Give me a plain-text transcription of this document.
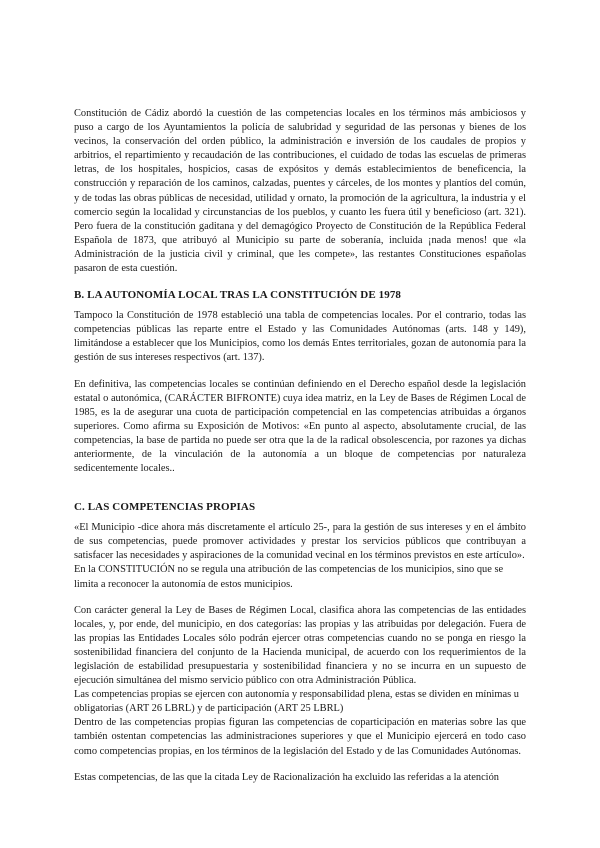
Constitución de Cádiz abordó la cuestión de las competencias locales en los términos más ambiciosos y puso a cargo de los Ayuntamientos la policía de salubridad y seguridad de las personas y bienes de los vecinos, la conservación del orden público, la administración e inversión de los caudales de propios y arbitrios, el repartimiento y recaudación de las contribuciones, el cuidado de todas las escuelas de primeras letras, de los hospitales, hospicios, casas de expósitos y demás establecimientos de beneficencia, la construcción y reparación de los caminos, calzadas, puentes y cárceles, de los montes y plantíos del común, y de todas las obras públicas de necesidad, utilidad y ornato, la promoción de la agricultura, la industria y el comercio según la localidad y circunstancias de los pueblos, y cuanto les fuera útil y beneficioso (art. 321). Pero fuera de la constitución gaditana y del demagógico Proyecto de Constitución de la República Federal Española de 1873, que atribuyó al Municipio su parte de soberanía, incluida ¡nada menos! que «la Administración de la justicia civil y criminal, que les compete», las restantes Constituciones españolas pasaron de esta cuestión.

B. LA AUTONOMÍA LOCAL TRAS LA CONSTITUCIÓN DE 1978

Tampoco la Constitución de 1978 estableció una tabla de competencias locales. Por el contrario, todas las competencias públicas las reparte entre el Estado y las Comunidades Autónomas (arts. 148 y 149), limitándose a establecer que los Municipios, como los demás Entes territoriales, gozan de autonomía para la gestión de sus intereses respectivos (art. 137).

En definitiva, las competencias locales se continúan definiendo en el Derecho español desde la legislación estatal o autonómica, (CARÁCTER BIFRONTE) cuya idea matriz, en la Ley de Bases de Régimen Local de 1985, es la de asegurar una cuota de participación competencial en las competencias atribuidas a órganos superiores. Como afirma su Exposición de Motivos: «En punto al aspecto, absolutamente crucial, de las competencias, la base de partida no puede ser otra que la de la radical obsolescencia, por razones ya dichas anteriormente, de la vinculación de la autonomía a un bloque de competencias por naturaleza sedicentemente locales..

C. LAS COMPETENCIAS PROPIAS

«El Municipio -dice ahora más discretamente el artículo 25-, para la gestión de sus intereses y en el ámbito de sus competencias, puede promover actividades y prestar los servicios públicos que contribuyan a satisfacer las necesidades y aspiraciones de la comunidad vecinal en los términos previstos en este artículo».

En la CONSTITUCIÓN no se regula una atribución de las competencias de los municipios, sino que se limita a reconocer la autonomía de estos municipios.

Con carácter general la Ley de Bases de Régimen Local, clasifica ahora las competencias de las entidades locales, y, por ende, del municipio, en dos categorías: las propias y las atribuidas por delegación. Fuera de las propias las Entidades Locales sólo podrán ejercer otras competencias cuando no se ponga en riesgo la sostenibilidad financiera del conjunto de la Hacienda municipal, de acuerdo con los requerimientos de la legislación de estabilidad presupuestaria y sostenibilidad financiera y no se incurra en un supuesto de ejecución simultánea del mismo servicio público con otra Administración Pública.

Las competencias propias se ejercen con autonomía y responsabilidad plena, estas se dividen en mínimas u obligatorias (ART 26 LBRL) y de participación (ART 25 LBRL)

Dentro de las competencias propias figuran las competencias de coparticipación en materias sobre las que también ostentan competencias las administraciones superiores y que el Municipio ejercerá en todo caso como competencias propias, en los términos de la legislación del Estado y de las Comunidades Autónomas.

Estas competencias, de las que la citada Ley de Racionalización ha excluido las referidas a la atención
